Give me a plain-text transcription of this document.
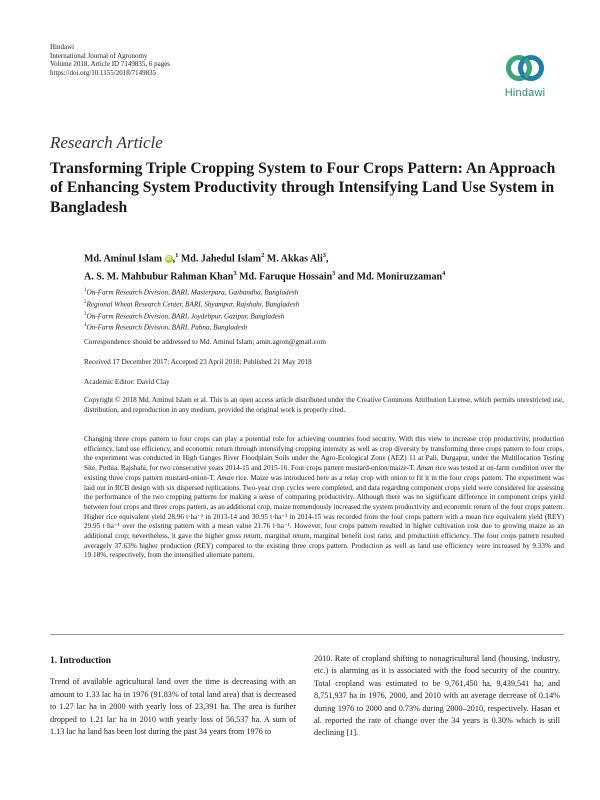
Hindawi
International Journal of Agronomy
Volume 2018, Article ID 7149835, 6 pages
https://doi.org/10.1155/2018/7149835
Hindawi
Research Article
Transforming Triple Cropping System to Four Crops Pattern: An Approach of Enhancing System Productivity through Intensifying Land Use System in Bangladesh
Md. Aminul Islam iD ,$^1$ Md. Jahedul Islam$^2$ M. Akkas Ali$^3$,
A. S. M. Mahbubur Rahman Khan$^3$ Md. Faruque Hossain$^3$ and Md. Moniruzzaman$^4$
$^1$On-Farm Research Division, BARI, Masterpara, Gaibandha, Bangladesh
$^2$Regional Wheat Research Center, BARI, Shyampur, Rajshahi, Bangladesh
$^3$On-Farm Research Division, BARI, Joydebpur, Gazipur, Bangladesh
$^4$On-Farm Research Division, BARI, Pabna, Bangladesh
Correspondence should be addressed to Md. Aminul Islam; amin.agron@gmail.com
Received 17 December 2017; Accepted 23 April 2018; Published 21 May 2018
Academic Editor: David Clay
Copyright © 2018 Md. Aminul Islam et al. This is an open access article distributed under the Creative Commons Attribution License, which permits unrestricted use, distribution, and reproduction in any medium, provided the original work is properly cited.
Changing three crops pattern to four crops can play a potential role for achieving countries food security. With this view to increase crop productivity, production efficiency, land use efficiency, and economic return through intensifying cropping intensity as well as crop diversity by transforming three crops pattern to four crops, the experiment was conducted in High Ganges River Floodplain Soils under the Agro-Ecological Zone (AEZ) 11 at Pali, Durgapur, under the Multilocation Testing Site, Puthia, Rajshahi, for two consecutive years 2014-15 and 2015-16. Four crops pattern mustard-onion/maize-T. Aman rice was tested at on-farm condition over the existing three crops pattern mustard-onion-T. Aman rice. Maize was introduced here as a relay crop with onion to fit it in the four crops pattern. The experiment was laid out in RCB design with six dispersed replications. Two-year crop cycles were completed, and data regarding component crops yield were considered for assessing the performance of the two cropping patterns for making a sense of comparing productivity. Although there was no significant difference in component crops yield between four crops and three crops pattern, as an additional crop, maize tremendously increased the system productivity and economic return of the four crops pattern. Higher rice equivalent yield 28.96 t·ha⁻¹ in 2013-14 and 30.95 t·ha⁻¹ in 2014-15 was recorded from the four crops pattern with a mean rice equivalent yield (REY) 29.95 t·ha⁻¹ over the existing pattern with a mean value 21.76 t·ha⁻¹. However, four crops pattern resulted in higher cultivation cost due to growing maize as an additional crop; nevertheless, it gave the higher gross return, marginal return, marginal benefit cost ratio, and production efficiency. The four crops pattern resulted averagely 37.63% higher production (REY) compared to the existing three crops pattern. Production as well as land use efficiency were increased by 9.33% and 19.18%, respectively, from the intensified alternate pattern.
1. Introduction
Trend of available agricultural land over the time is decreasing with an amount to 1.33 lac ha in 1976 (91.83% of total land area) that is decreased to 1.27 lac ha in 2000 with yearly loss of 23,391 ha. The area is further dropped to 1.21 lac ha in 2010 with yearly loss of 56,537 ha. A sum of 1.13 lac ha land has been lost during the past 34 years from 1976 to
2010. Rate of cropland shifting to nonagricultural land (housing, industry, etc.) is alarming as it is associated with the food security of the country. Total cropland was estimated to be 9,761,450 ha, 9,439,541 ha, and 8,751,937 ha in 1976, 2000, and 2010 with an average decrease of 0.14% during 1976 to 2000 and 0.73% during 2000–2010, respectively. Hasan et al. reported the rate of change over the 34 years is 0.30% which is still declining [1].
